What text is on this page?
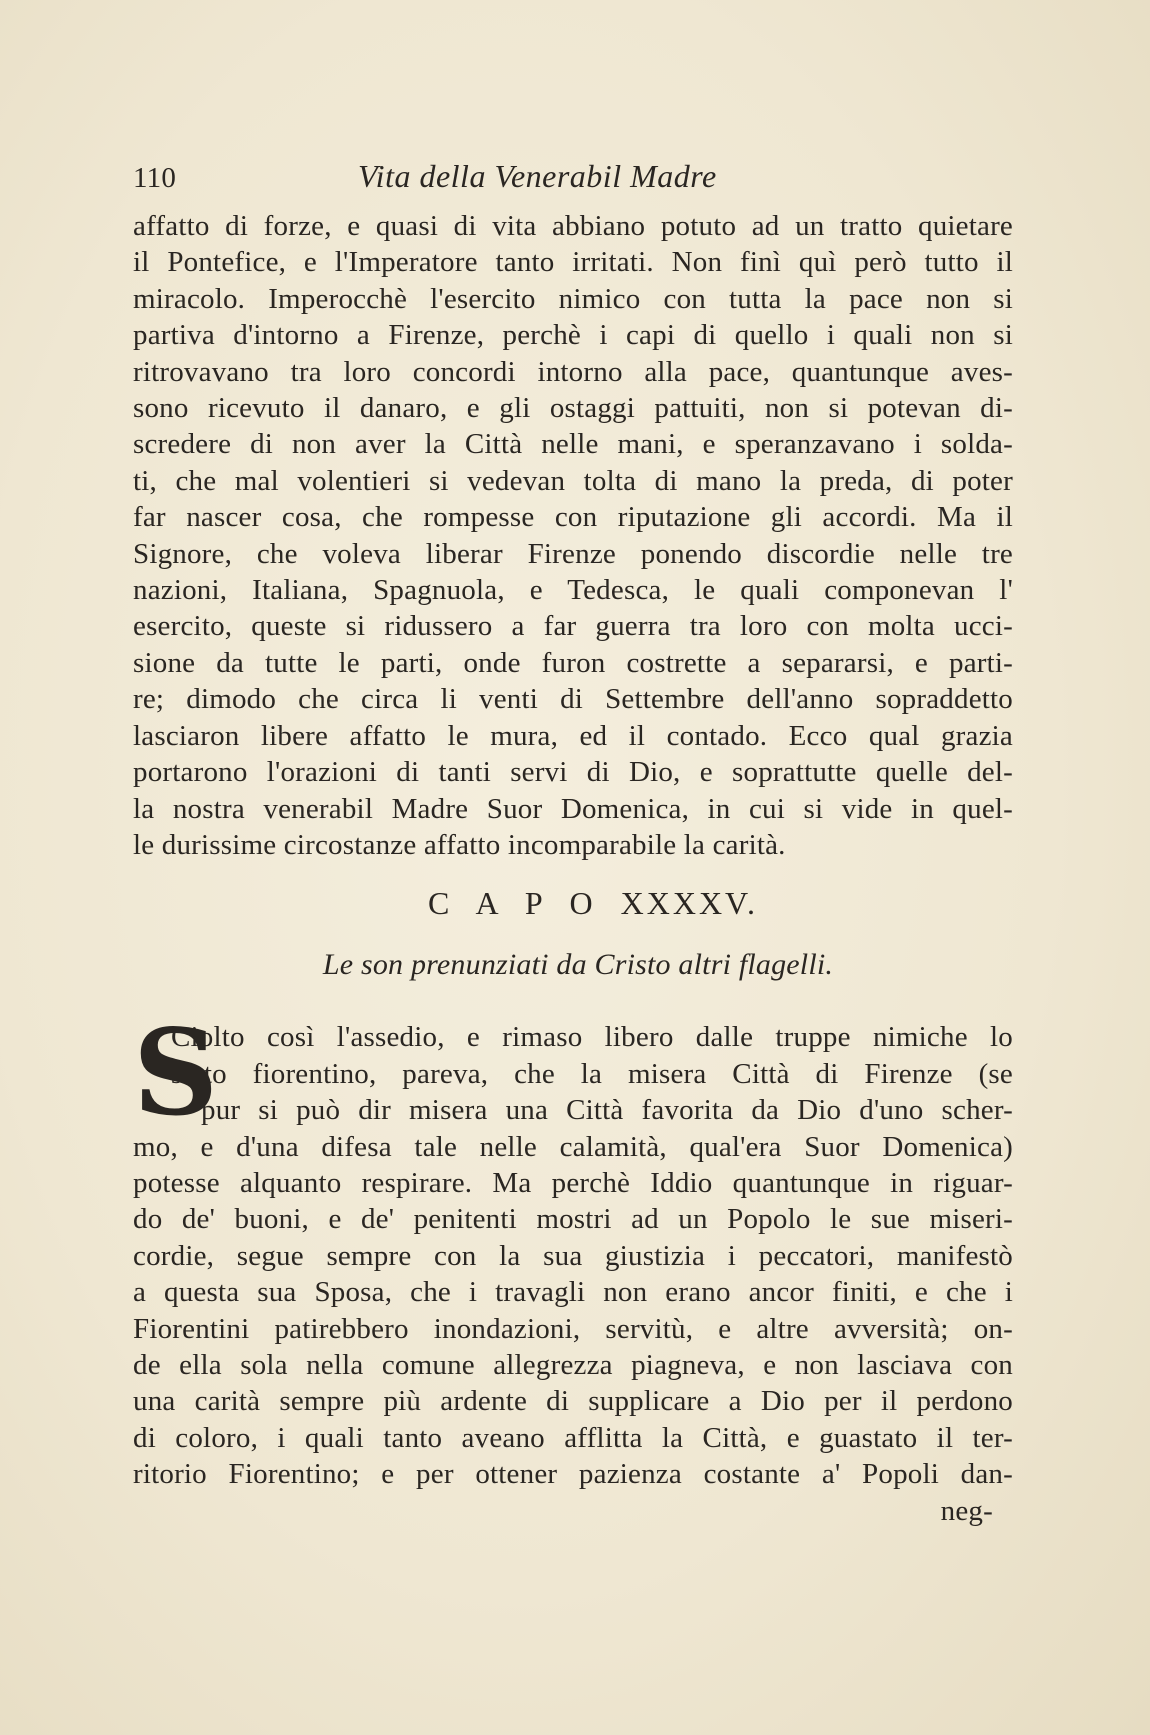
110	Vita della Venerabil Madre

affatto di forze, e quasi di vita abbiano potuto ad un tratto quietare

il Pontefice, e l'Imperatore tanto irritati. Non finì quì però tutto il

miracolo. Imperocchè l'esercito nimico con tutta la pace non si

partiva d'intorno a Firenze, perchè i capi di quello i quali non si

ritrovavano tra loro concordi intorno alla pace, quantunque aves-

sono ricevuto il danaro, e gli ostaggi pattuiti, non si potevan di-

scredere di non aver la Città nelle mani, e speranzavano i solda-

ti, che mal volentieri si vedevan tolta di mano la preda, di poter

far nascer cosa, che rompesse con riputazione gli accordi. Ma il

Signore, che voleva liberar Firenze ponendo discordie nelle tre

nazioni, Italiana, Spagnuola, e Tedesca, le quali componevan l'

esercito, queste si ridussero a far guerra tra loro con molta ucci-

sione da tutte le parti, onde furon costrette a separarsi, e parti-

re; dimodo che circa li venti di Settembre dell'anno sopraddetto

lasciaron libere affatto le mura, ed il contado. Ecco qual grazia

portarono l'orazioni di tanti servi di Dio, e soprattutte quelle del-

la nostra venerabil Madre Suor Domenica, in cui si vide in quel-

le durissime circostanze affatto incomparabile la carità.

C A P O XXXXV.
Le son prenunziati da Cristo altri flagelli.
S

Ciolto così l'assedio, e rimaso libero dalle truppe nimiche lo

stato fiorentino, pareva, che la misera Città di Firenze (se

pur si può dir misera una Città favorita da Dio d'uno scher-

mo, e d'una difesa tale nelle calamità, qual'era Suor Domenica)

potesse alquanto respirare. Ma perchè Iddio quantunque in riguar-

do de' buoni, e de' penitenti mostri ad un Popolo le sue miseri-

cordie, segue sempre con la sua giustizia i peccatori, manifestò

a questa sua Sposa, che i travagli non erano ancor finiti, e che i

Fiorentini patirebbero inondazioni, servitù, e altre avversità; on-

de ella sola nella comune allegrezza piagneva, e non lasciava con

una carità sempre più ardente di supplicare a Dio per il perdono

di coloro, i quali tanto aveano afflitta la Città, e guastato il ter-

ritorio Fiorentino; e per ottener pazienza costante a' Popoli dan-

neg-
